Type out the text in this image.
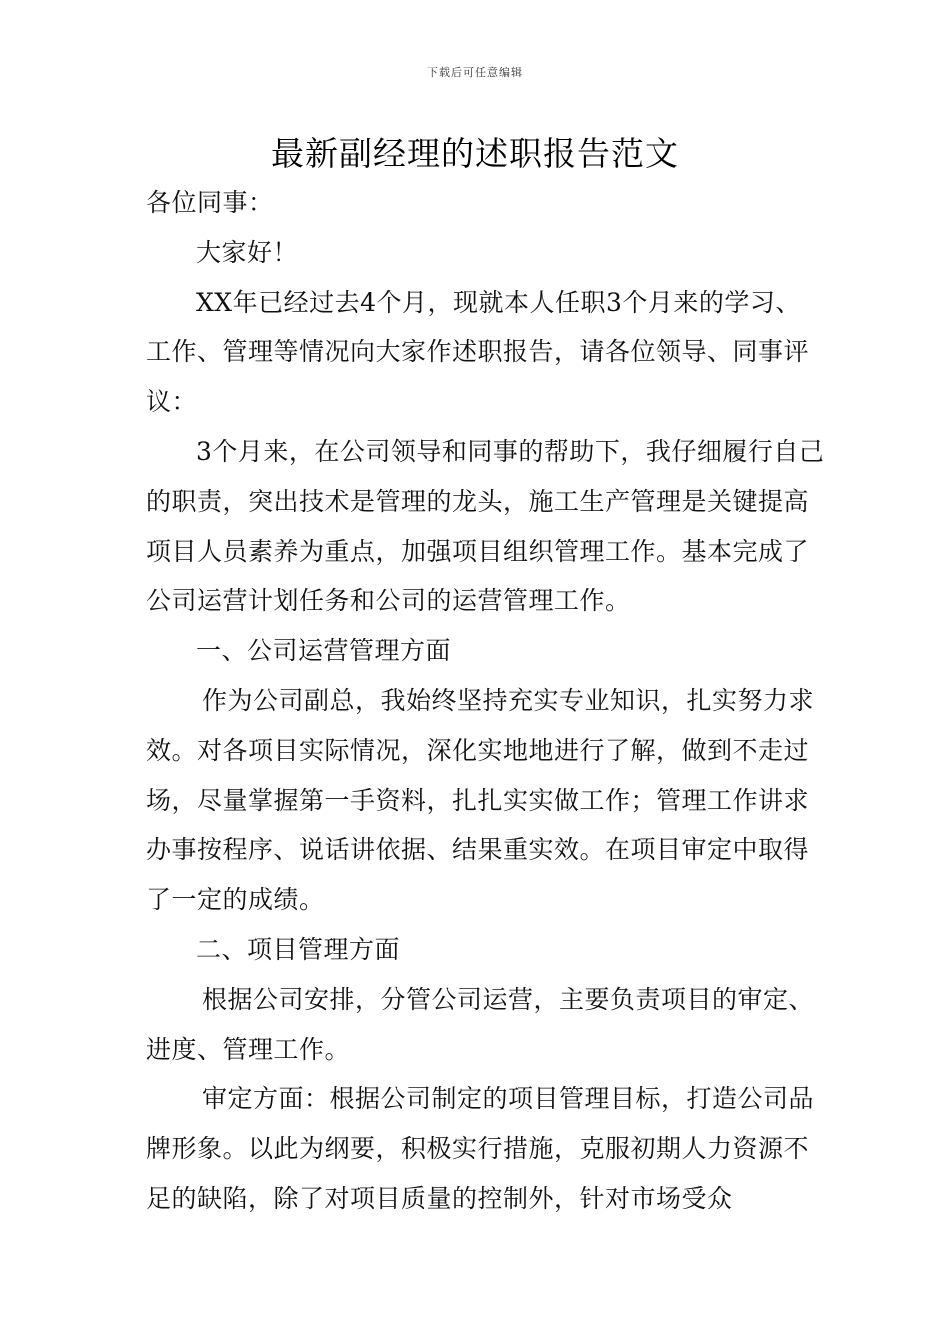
下载后可任意编辑
最新副经理的述职报告范文

各位同事：

大家好！

XX年已经过去4个月，现就本人任职3个月来的学习、工作、管理等情况向大家作述职报告，请各位领导、同事评议：

3个月来，在公司领导和同事的帮助下，我仔细履行自己的职责，突出技术是管理的龙头，施工生产管理是关键提高项目人员素养为重点，加强项目组织管理工作。基本完成了公司运营计划任务和公司的运营管理工作。

一、公司运营管理方面

作为公司副总，我始终坚持充实专业知识，扎实努力求效。对各项目实际情况，深化实地地进行了解，做到不走过场，尽量掌握第一手资料，扎扎实实做工作；管理工作讲求办事按程序、说话讲依据、结果重实效。在项目审定中取得了一定的成绩。

二、项目管理方面

根据公司安排，分管公司运营，主要负责项目的审定、进度、管理工作。

审定方面：根据公司制定的项目管理目标，打造公司品牌形象。以此为纲要，积极实行措施，克服初期人力资源不足的缺陷，除了对项目质量的控制外，针对市场受众
